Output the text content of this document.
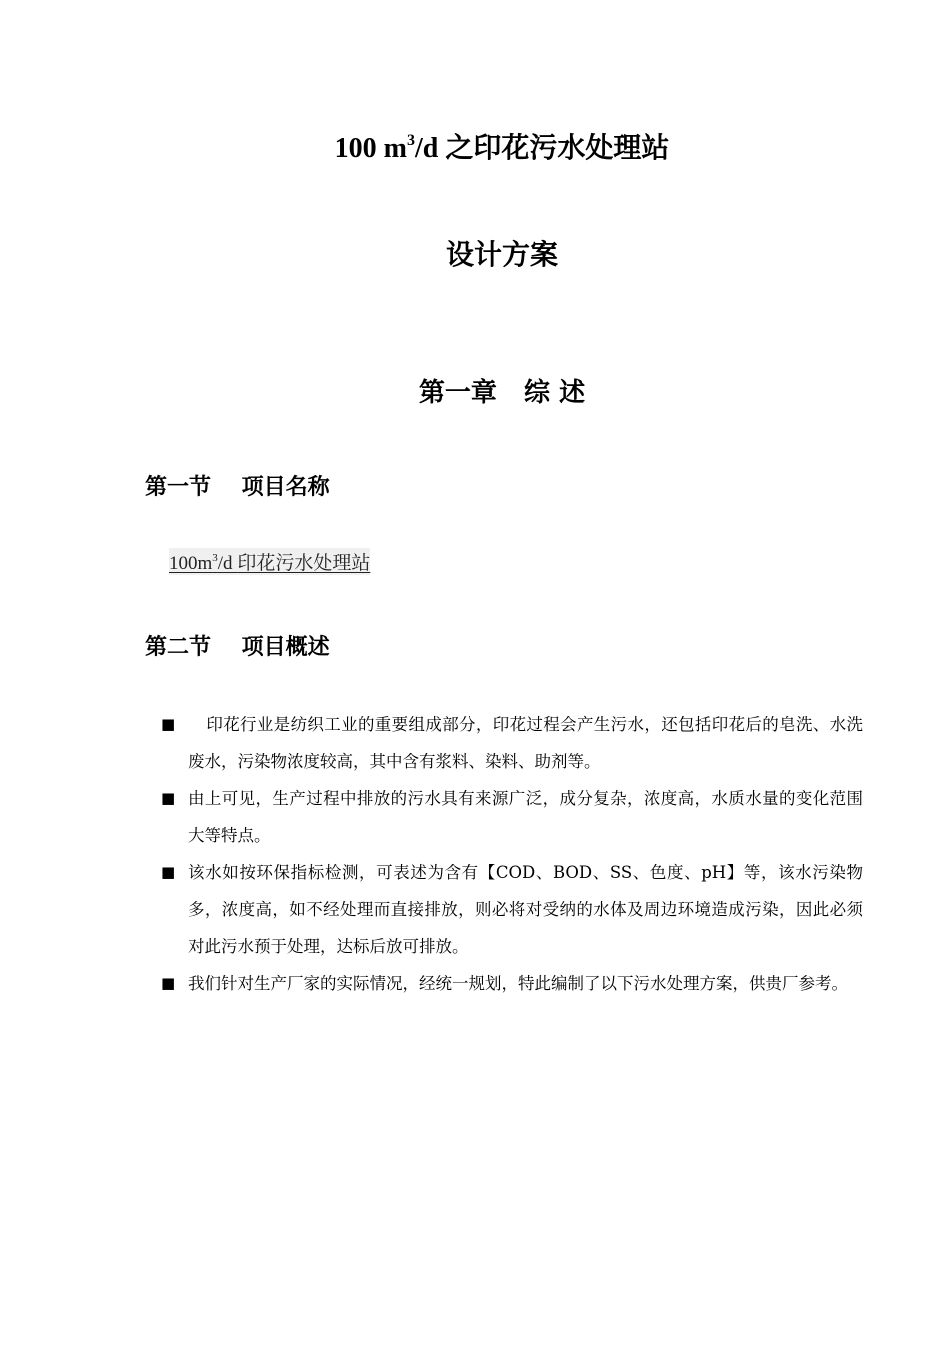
100 $m^3/d$ 之印花污水处理站
设计方案
第一章   综 述
第一节    项目名称
$100m^3/d$ 印花污水处理站
第二节    项目概述
■ 印花行业是纺织工业的重要组成部分，印花过程会产生污水，还包括印花后的皂洗、水洗废水，污染物浓度较高，其中含有浆料、染料、助剂等。
■ 由上可见，生产过程中排放的污水具有来源广泛，成分复杂，浓度高，水质水量的变化范围大等特点。
■ 该水如按环保指标检测，可表述为含有【COD、BOD、SS、色度、pH】等，该水污染物多，浓度高，如不经处理而直接排放，则必将对受纳的水体及周边环境造成污染，因此必须对此污水预于处理，达标后放可排放。
■ 我们针对生产厂家的实际情况，经统一规划，特此编制了以下污水处理方案，供贵厂参考。
